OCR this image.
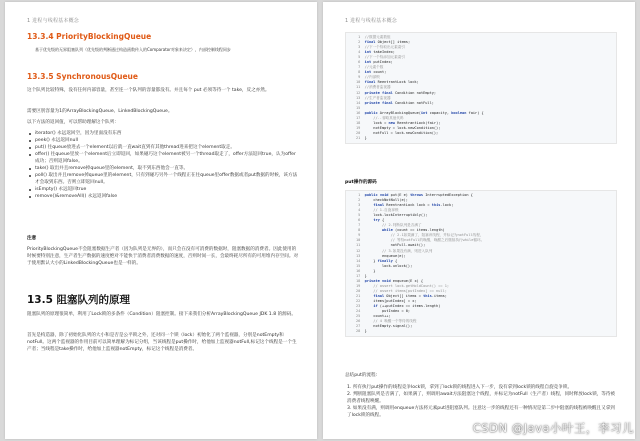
1 进程与线程基本概念
13.3.4 PriorityBlockingQueue
基于优先级的无界阻塞队列（优先级的判断通过构造函数传入的Comparator对象来决定），内部控制线程同步
13.3.5 SynchronousQueue
这个队列比较特殊，没有任何内部容量，甚至连一个队列的容量都没有。并且每个 put 必须等待一个 take，反之亦然。
需要区别容量为1的ArrayBlockingQueue、LinkedBlockingQueue。
以下方法的返回值，可以帮助理解这个队列：
iterator() 永远返回空，因为里面没有东西
peek() 永远返回null
put() 往queue放进去一个element以后就一直wait直到有其他thread进来把这个element取走。
offer() 往queue里放一个element后立即返回，如果碰巧这个element被另一个thread取走了，offer方法返回true，认为offer成功；否则返回false。
take() 取出并且remove掉queue里的element，取不到东西他会一直等。
poll() 取出并且remove掉queue里的element，只有到碰巧另外一个线程正在往queue里offer数据或者put数据的时候，该方法才会取到东西。否则立即返回null。
isEmpty() 永远返回true
remove()&removeAll() 永远返回false
注意
PriorityBlockingQueue不会阻塞数据生产者（因为队列是无界的），而只会在没有可消费的数据时，阻塞数据的消费者。因此使用的时候要特别注意，生产者生产数据的速度绝对不能快于消费者消费数据的速度，否则时间一长，会最终耗尽所有的可用堆内存空间。对于使用默认大小的LinkedBlockingQueue也是一样的。
13.5 阻塞队列的原理
阻塞队列的原理很简单，利用了Lock锁的多条件（Condition）阻塞控制。接下来我们分析ArrayBlockingQueue JDK 1.8 的源码。
首先是构造器，除了初始化队列的大小和是否是公平锁之外，还对同一个锁（lock）初始化了两个监视器，分别是notEmpty和notFull。这两个监视器的作用目前可以简单理解为标记分组，当该线程是put操作时，给他加上监视器notFull,标记这个线程是一个生产者；当线程是take操作时，给他加上监视器notEmpty，标记这个线程是消费者。
1 进程与线程基本概念
1  //数据元素数组
2  final Object[] items;
3  //下一个待取出元素索引
4  int takeIndex;
5  //下一个待添加元素索引
6  int putIndex;
7  //元素个数
8  int count;
9  //内部锁
10  final ReentrantLock lock;
11  //消费者监视器
12  private final Condition notEmpty;
13  //生产者监视器
14  private final Condition notFull;
15
16  public ArrayBlockingQueue(int capacity, boolean fair) {
17      //..省略其他代码
18      lock = new ReentrantLock(fair);
19      notEmpty = lock.newCondition();
20      notFull = lock.newCondition();
21  }
put操作的源码
1  public void put(E e) throws InterruptedException {
2      checkNotNull(e);
3      final ReentrantLock lock = this.lock;
4      // 1.自旋拿锁
5      lock.lockInterruptibly();
6      try {
7          // 2.判断队列是否满了
8	while (count == items.length)
9              // 2.1如果满了，阻塞该线程，并标记为notFull线程，
10              // 等待notFull的唤醒，唤醒之后继续执行while循环。
11              notFull.await();
12          // 3.如果没有满，则进入队列
13          enqueue(e);
14      } finally {
15          lock.unlock();
16      }
17  }
18  private void enqueue(E x) {
19      // assert lock.getHoldCount() == 1;
20      // assert items[putIndex] == null;
21      final Object[] items = this.items;
22      items[putIndex] = x;
23      if (++putIndex == items.length)
24          putIndex = 0;
25      count++;
26      // 4 唤醒一个等待的线程
27      notEmpty.signal();
28  }
总结put的流程:
1. 所有执行put操作的线程竞争lock锁，拿到了lock锁的线程进入下一步，没有拿到lock锁的线程自旋竞争锁。
2. 判断阻塞队列是否满了，如果满了，则调用await方法阻塞这个线程，并标记为notFull（生产者）线程，同时释放lock锁，等待被消费者线程唤醒。
3. 如果没有满，则调用enqueue方法将元素put进阻塞队列。注意这一步的线程还有一种情况是第二步中阻塞的线程被唤醒且又拿到了lock锁的线程。
CSDN @Java小叶王，李习儿
